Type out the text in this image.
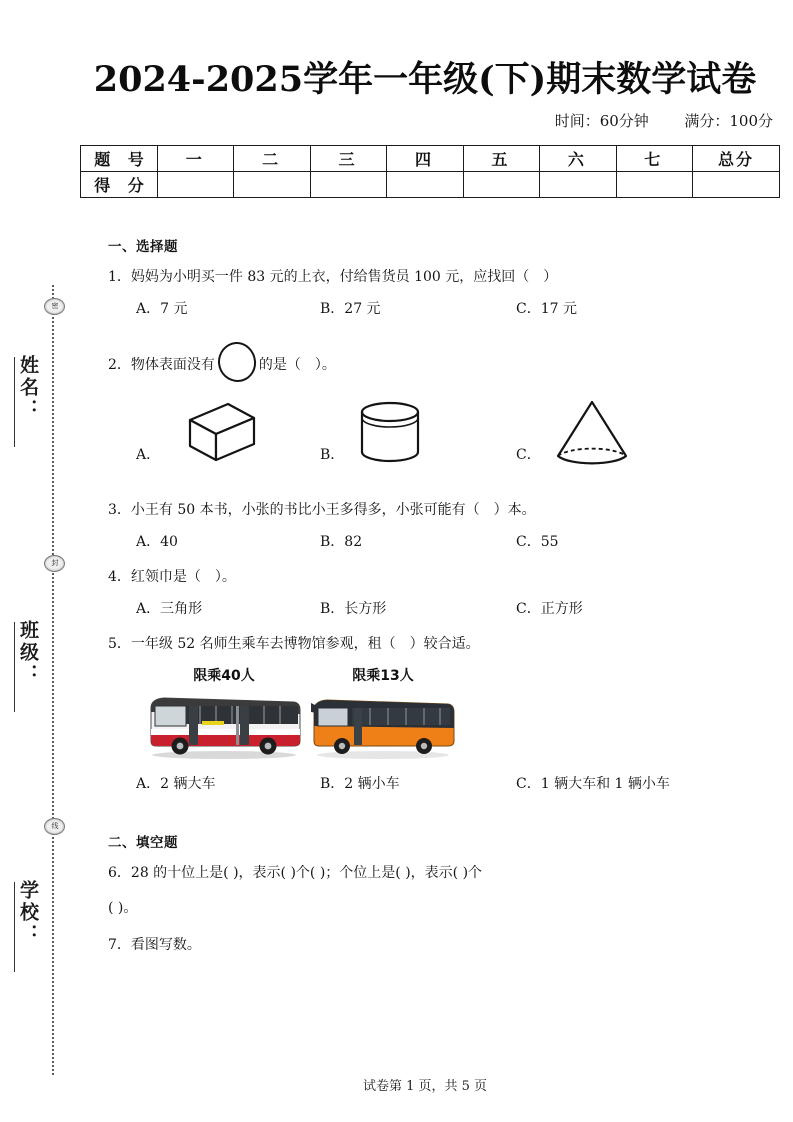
密
封
线
姓名：
班级：
学校：
2024-2025学年一年级(下)期末数学试卷
时间：60分钟 满分：100分
题 号	一	二	三	四	五	六	七	总分
得 分								
一、选择题
1．妈妈为小明买一件 83 元的上衣，付给售货员 100 元，应找回（　）
A．7 元	B．27 元	C．17 元
2．物体表面没有	的是（　）。
A．	B．	C．
3．小王有 50 本书，小张的书比小王多得多，小张可能有（　）本。
A．40	B．82	C．55
4．红领巾是（　）。
A．三角形	B．长方形	C．正方形
5．一年级 52 名师生乘车去博物馆参观，租（　）较合适。
限乘40人	限乘13人
A．2 辆大车	B．2 辆小车	C．1 辆大车和 1 辆小车
二、填空题
6．28 的十位上是( )，表示( )个( )；个位上是( )，表示( )个
( )。
7．看图写数。
试卷第 1 页，共 5 页
